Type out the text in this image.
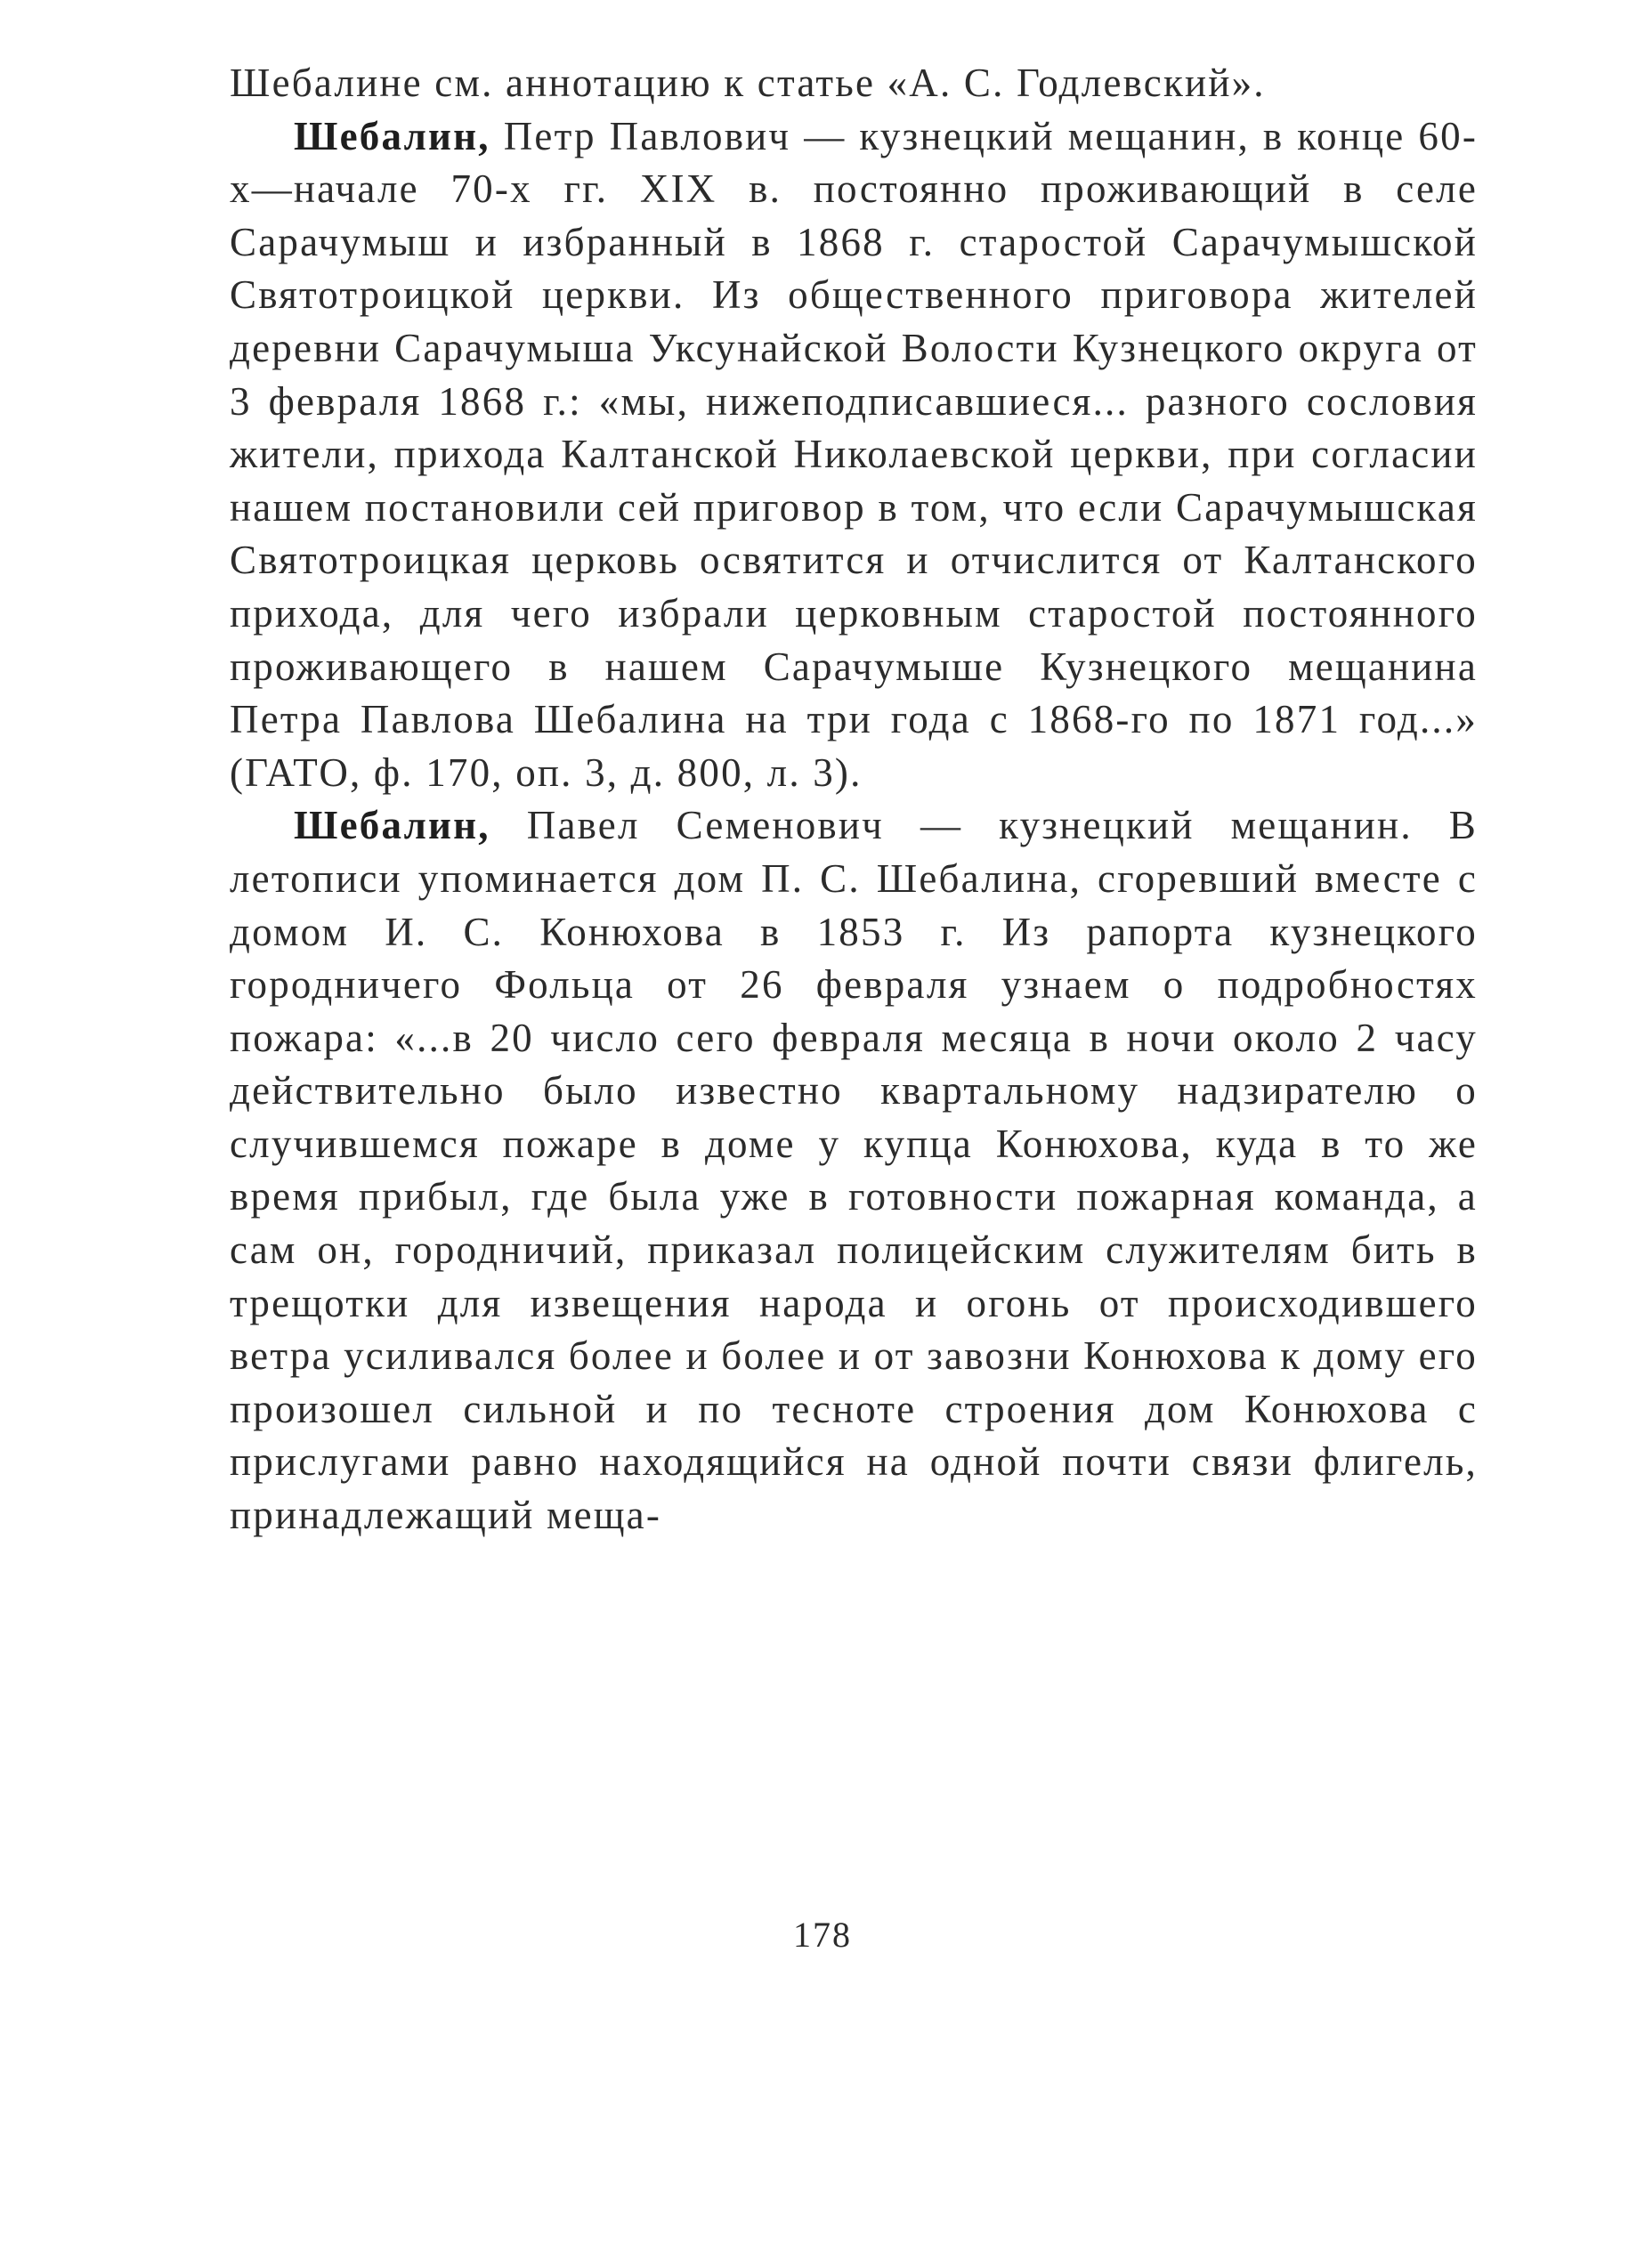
Шебалине см. аннотацию к статье «А. С. Годлевский».

Шебалин, Петр Павлович — кузнецкий мещанин, в конце 60-х—начале 70-х гг. XIX в. постоянно проживающий в селе Сарачумыш и избранный в 1868 г. старостой Сарачумышской Святотроицкой церкви. Из общественного приговора жителей деревни Сарачумыша Уксунайской Волости Кузнецкого округа от 3 февраля 1868 г.: «мы, нижеподписавшиеся... разного сословия жители, прихода Калтанской Николаевской церкви, при согласии нашем постановили сей приговор в том, что если Сарачумышская Святотроицкая церковь освятится и отчислится от Калтанского прихода, для чего избрали церковным старостой постоянного проживающего в нашем Сарачумыше Кузнецкого мещанина Петра Павлова Шебалина на три года с 1868-го по 1871 год...» (ГАТО, ф. 170, оп. 3, д. 800, л. 3).

Шебалин, Павел Семенович — кузнецкий мещанин. В летописи упоминается дом П. С. Шебалина, сгоревший вместе с домом И. С. Конюхова в 1853 г. Из рапорта кузнецкого городничего Фольца от 26 февраля узнаем о подробностях пожара: «...в 20 число сего февраля месяца в ночи около 2 часу действительно было известно квартальному надзирателю о случившемся пожаре в доме у купца Конюхова, куда в то же время прибыл, где была уже в готовности пожарная команда, а сам он, городничий, приказал полицейским служителям бить в трещотки для извещения народа и огонь от происходившего ветра усиливался более и более и от завозни Конюхова к дому его произошел сильной и по тесноте строения дом Конюхова с прислугами равно находящийся на одной почти связи флигель, принадлежащий меща-

178
